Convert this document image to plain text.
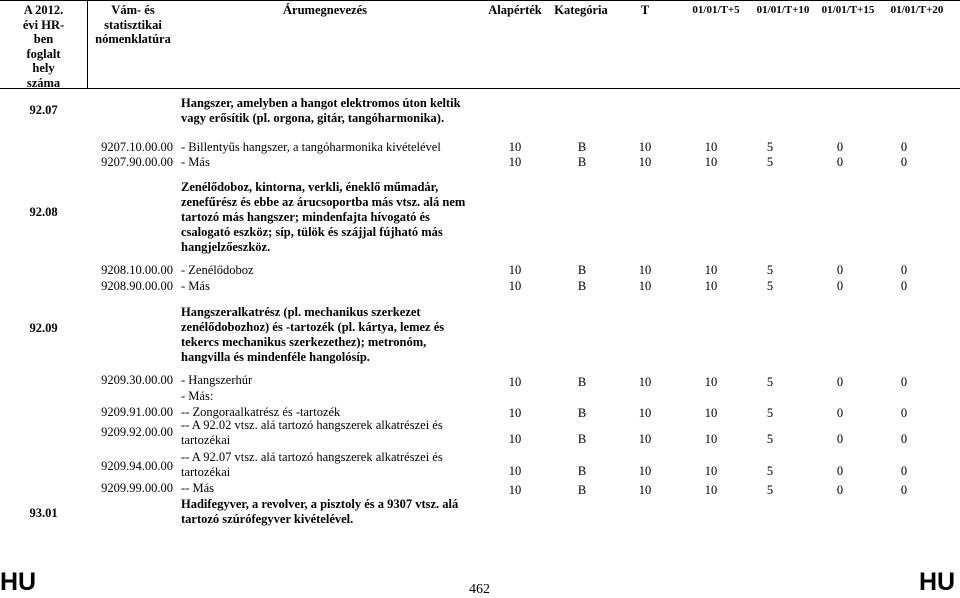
A 2012.
évi HR-
ben
foglalt
hely
száma
Vám- és
statisztikai
nómenklatúra
Árumegnevezés	Alapérték	Kategória	T	01/01/T+5	01/01/T+10	01/01/T+15	01/01/T+20
92.07	Hangszer, amelyben a hangot elektromos úton keltik vagy erősítik (pl. orgona, gitár, tangóharmonika).
9207.10.00.00 - Billentyűs hangszer, a tangóharmonika kivételével	10	B	10	10	5	0	0
9207.90.00.00 - Más	10	B	10	10	5	0	0
92.08
Zenélődoboz, kintorna, verkli, éneklő műmadár, zenefűrész és ebbe az árucsoportba más vtsz. alá nem tartozó más hangszer; mindenfajta hívogató és csalogató eszköz; síp, tülök és szájjal fújható más hangjelzőeszköz.
9208.10.00.00 - Zenélődoboz	10	B	10	10	5	0	0
9208.90.00.00 - Más	10	B	10	10	5	0	0
92.09
Hangszeralkatrész (pl. mechanikus szerkezet zenélődobozhoz) és -tartozék (pl. kártya, lemez és tekercs mechanikus szerkezethez); metronóm, hangvilla és mindenféle hangolósíp.
9209.30.00.00 - Hangszerhúr	10	B	10	10	5	0	0
- Más:
9209.91.00.00 -- Zongoraalkatrész és -tartozék	10	B	10	10	5	0	0
9209.92.00.00 -- A 92.02 vtsz. alá tartozó hangszerek alkatrészei és tartozékai	10	B	10	10	5	0	0
9209.94.00.00
-- A 92.07 vtsz. alá tartozó hangszerek alkatrészei és tartozékai	10	B	10	10	5	0	0
9209.99.00.00 -- Más	10	B	10	10	5	0	0
93.01
Hadifegyver, a revolver, a pisztoly és a 9307 vtsz. alá tartozó szúrófegyver kivételével.
HU	462	HU
